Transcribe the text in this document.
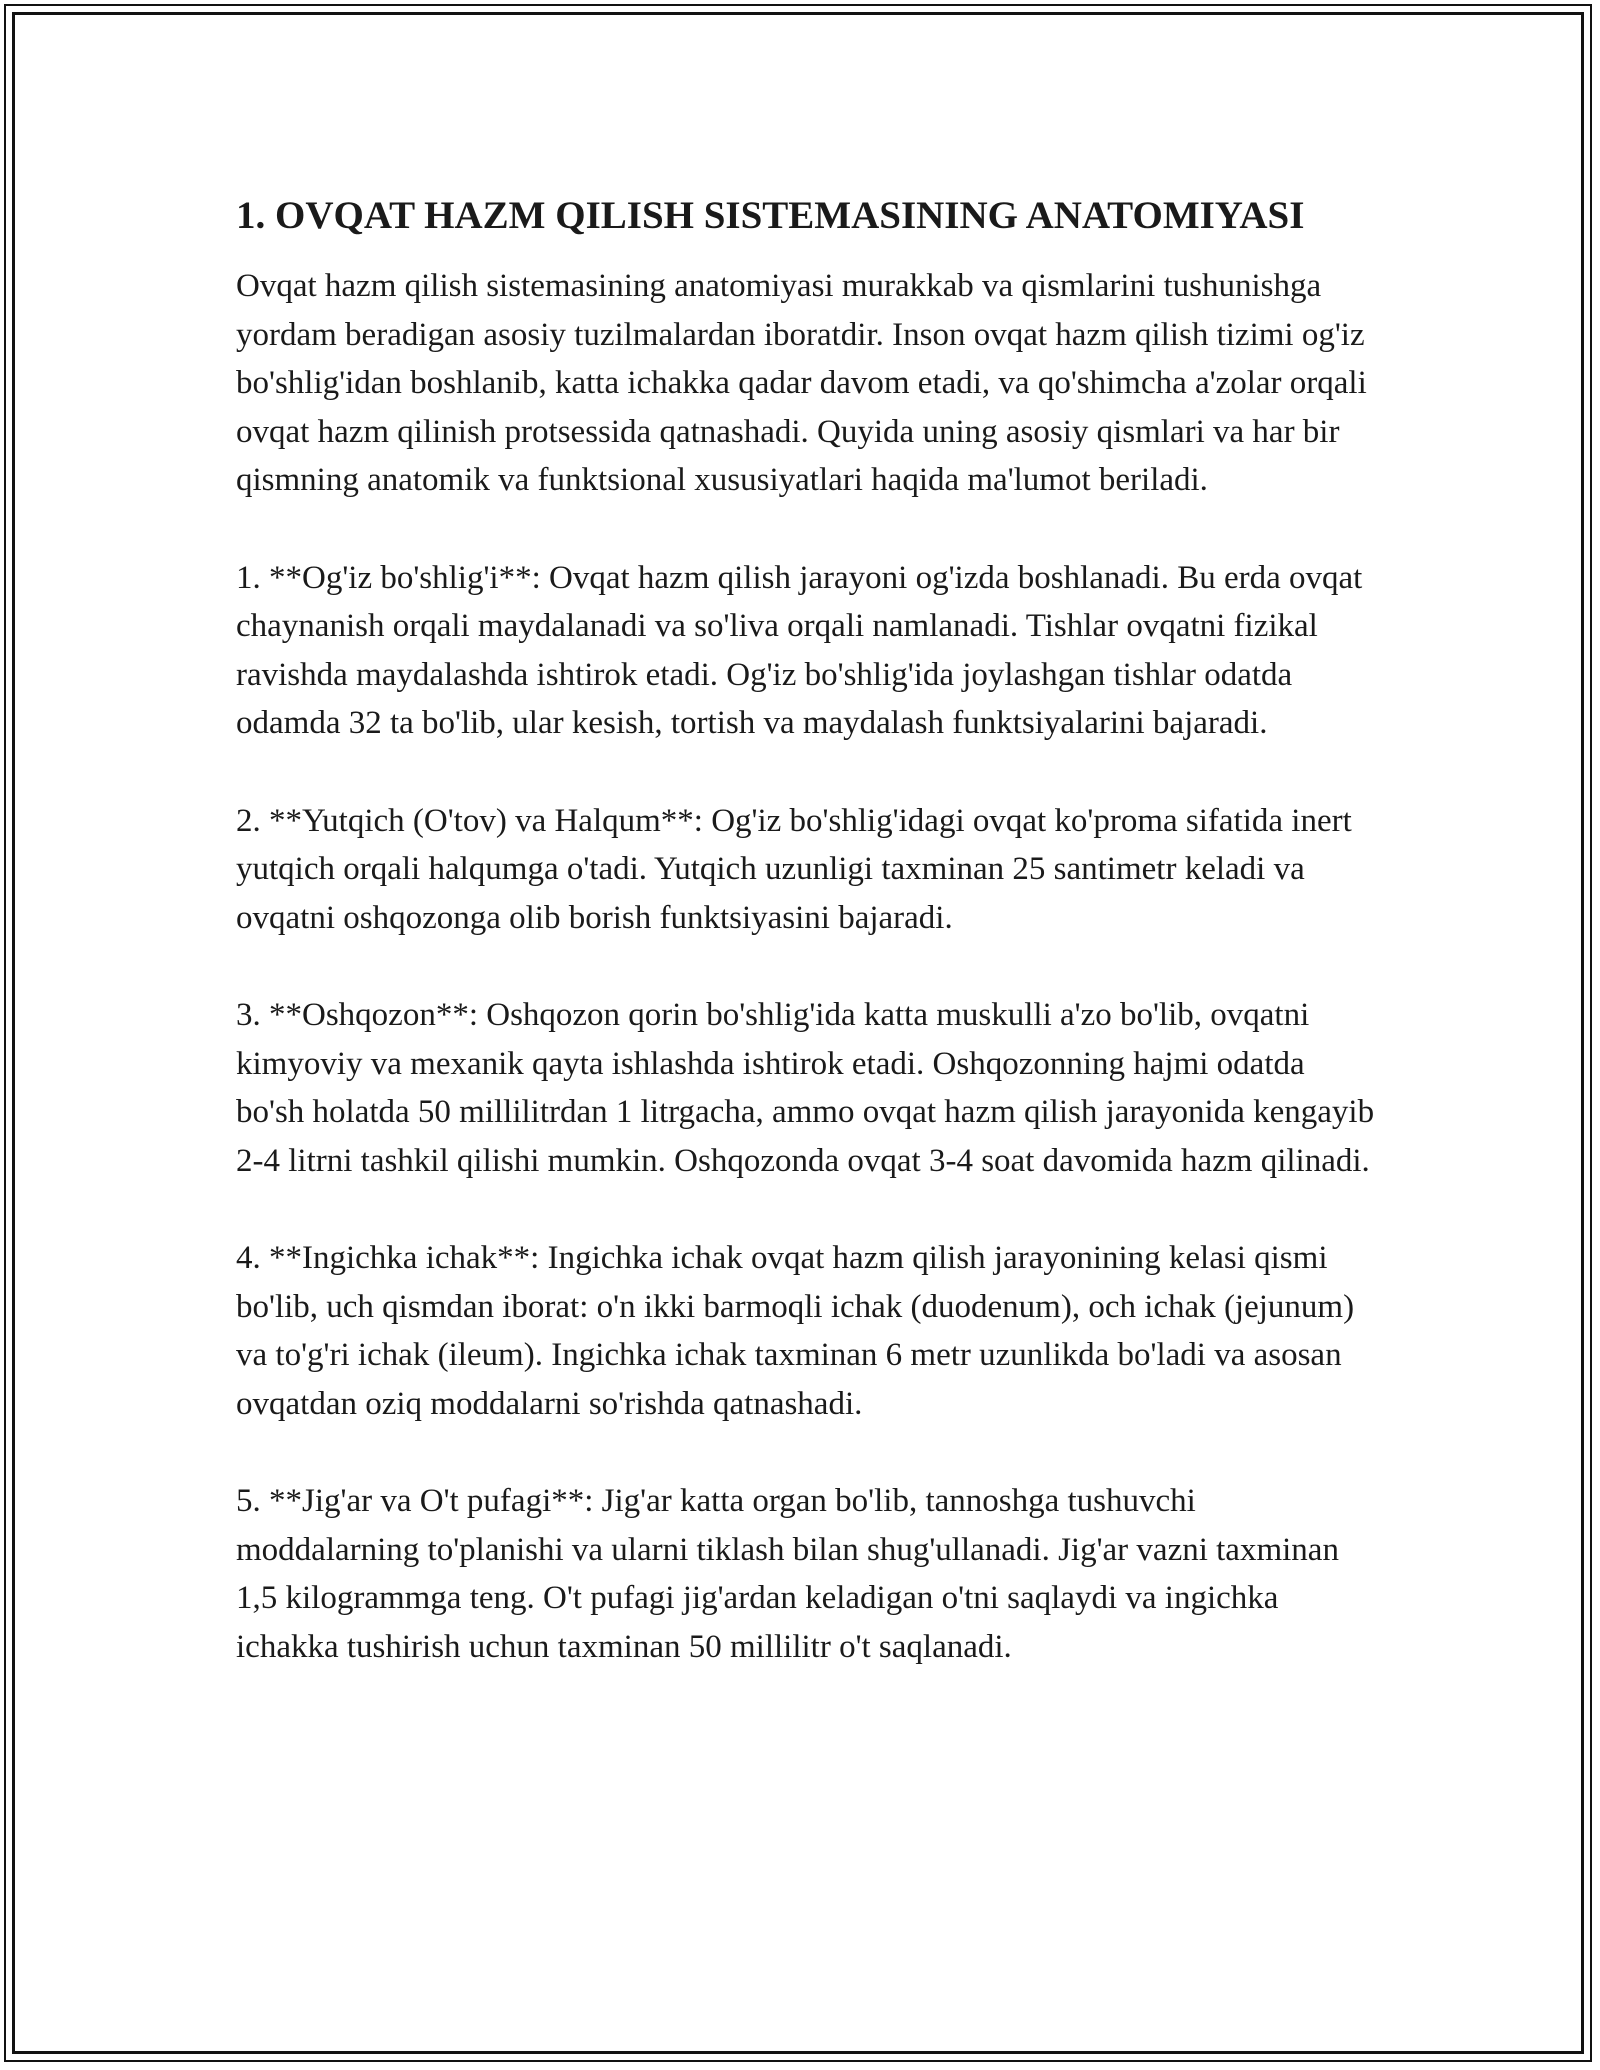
1. OVQAT HAZM QILISH SISTEMASINING ANATOMIYASI

Ovqat hazm qilish sistemasining anatomiyasi murakkab va qismlarini tushunishga yordam beradigan asosiy tuzilmalardan iboratdir. Inson ovqat hazm qilish tizimi og'iz bo'shlig'idan boshlanib, katta ichakka qadar davom etadi, va qo'shimcha a'zolar orqali ovqat hazm qilinish protsessida qatnashadi. Quyida uning asosiy qismlari va har bir qismning anatomik va funktsional xususiyatlari haqida ma'lumot beriladi.

1. **Og'iz bo'shlig'i**: Ovqat hazm qilish jarayoni og'izda boshlanadi. Bu erda ovqat chaynanish orqali maydalanadi va so'liva orqali namlanadi. Tishlar ovqatni fizikal ravishda maydalashda ishtirok etadi. Og'iz bo'shlig'ida joylashgan tishlar odatda odamda 32 ta bo'lib, ular kesish, tortish va maydalash funktsiyalarini bajaradi.

2. **Yutqich (O'tov) va Halqum**: Og'iz bo'shlig'idagi ovqat ko'proma sifatida inert yutqich orqali halqumga o'tadi. Yutqich uzunligi taxminan 25 santimetr keladi va ovqatni oshqozonga olib borish funktsiyasini bajaradi.

3. **Oshqozon**: Oshqozon qorin bo'shlig'ida katta muskulli a'zo bo'lib, ovqatni kimyoviy va mexanik qayta ishlashda ishtirok etadi. Oshqozonning hajmi odatda bo'sh holatda 50 millilitrdan 1 litrgacha, ammo ovqat hazm qilish jarayonida kengayib 2-4 litrni tashkil qilishi mumkin. Oshqozonda ovqat 3-4 soat davomida hazm qilinadi.

4. **Ingichka ichak**: Ingichka ichak ovqat hazm qilish jarayonining kelasi qismi bo'lib, uch qismdan iborat: o'n ikki barmoqli ichak (duodenum), och ichak (jejunum) va to'g'ri ichak (ileum). Ingichka ichak taxminan 6 metr uzunlikda bo'ladi va asosan ovqatdan oziq moddalarni so'rishda qatnashadi.

5. **Jig'ar va O't pufagi**: Jig'ar katta organ bo'lib, tannoshga tushuvchi moddalarning to'planishi va ularni tiklash bilan shug'ullanadi. Jig'ar vazni taxminan 1,5 kilogrammga teng. O't pufagi jig'ardan keladigan o'tni saqlaydi va ingichka ichakka tushirish uchun taxminan 50 millilitr o't saqlanadi.
